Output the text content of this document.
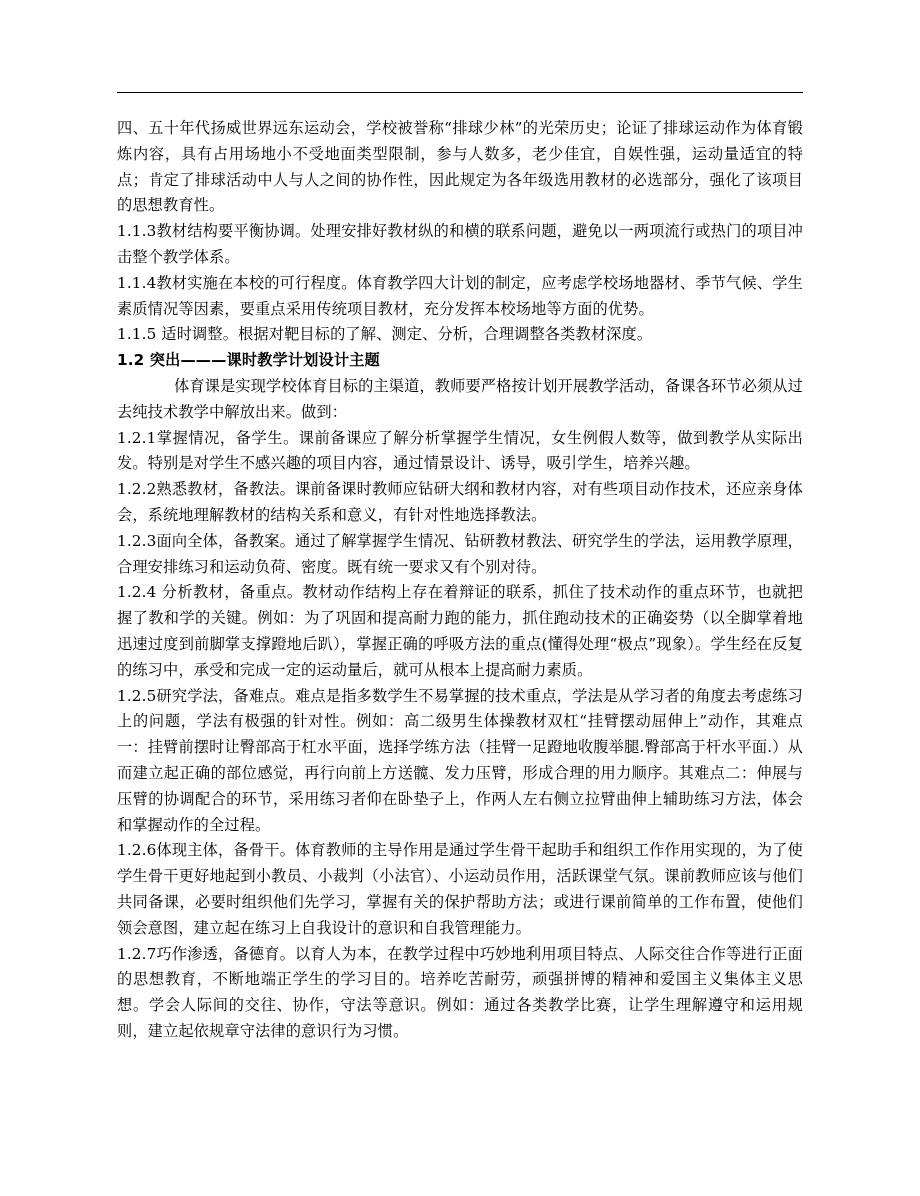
四、五十年代扬威世界远东运动会，学校被誉称“排球少林”的光荣历史；论证了排球运动作为体育锻炼内容，具有占用场地小不受地面类型限制，参与人数多，老少佳宜，自娱性强，运动量适宜的特点；肯定了排球活动中人与人之间的协作性，因此规定为各年级选用教材的必选部分，强化了该项目的思想教育性。

1.1.3教材结构要平衡协调。处理安排好教材纵的和横的联系问题，避免以一两项流行或热门的项目冲击整个教学体系。

1.1.4教材实施在本校的可行程度。体育教学四大计划的制定，应考虑学校场地器材、季节气候、学生素质情况等因素，要重点采用传统项目教材，充分发挥本校场地等方面的优势。

1.1.5 适时调整。根据对靶目标的了解、测定、分析，合理调整各类教材深度。

1.2 突出———课时教学计划设计主题

体育课是实现学校体育目标的主渠道，教师要严格按计划开展教学活动，备课各环节必须从过去纯技术教学中解放出来。做到：

1.2.1掌握情况，备学生。课前备课应了解分析掌握学生情况，女生例假人数等，做到教学从实际出发。特别是对学生不感兴趣的项目内容，通过情景设计、诱导，吸引学生，培养兴趣。

1.2.2熟悉教材，备教法。课前备课时教师应钻研大纲和教材内容，对有些项目动作技术，还应亲身体会，系统地理解教材的结构关系和意义，有针对性地选择教法。

1.2.3面向全体，备教案。通过了解掌握学生情况、钻研教材教法、研究学生的学法，运用教学原理，合理安排练习和运动负荷、密度。既有统一要求又有个别对待。

1.2.4 分析教材，备重点。教材动作结构上存在着辩证的联系，抓住了技术动作的重点环节，也就把握了教和学的关键。例如：为了巩固和提高耐力跑的能力，抓住跑动技术的正确姿势（以全脚掌着地迅速过度到前脚掌支撑蹬地后趴），掌握正确的呼吸方法的重点(懂得处理“极点”现象）。学生经在反复的练习中，承受和完成一定的运动量后，就可从根本上提高耐力素质。

1.2.5研究学法，备难点。难点是指多数学生不易掌握的技术重点，学法是从学习者的角度去考虑练习上的问题，学法有极强的针对性。例如：高二级男生体操教材双杠“挂臂摆动屈伸上”动作，其难点一：挂臂前摆时让臀部高于杠水平面，选择学练方法（挂臂一足蹬地收腹举腿.臀部高于杆水平面.）从而建立起正确的部位感觉，再行向前上方送髋、发力压臂，形成合理的用力顺序。其难点二：伸展与压臂的协调配合的环节，采用练习者仰在卧垫子上，作两人左右侧立拉臂曲伸上辅助练习方法，体会和掌握动作的全过程。

1.2.6体现主体，备骨干。体育教师的主导作用是通过学生骨干起助手和组织工作作用实现的，为了使学生骨干更好地起到小教员、小裁判（小法官）、小运动员作用，活跃课堂气氛。课前教师应该与他们共同备课，必要时组织他们先学习，掌握有关的保护帮助方法；或进行课前简单的工作布置，使他们领会意图，建立起在练习上自我设计的意识和自我管理能力。

1.2.7巧作渗透，备德育。以育人为本，在教学过程中巧妙地利用项目特点、人际交往合作等进行正面的思想教育，不断地端正学生的学习目的。培养吃苦耐劳，顽强拼博的精神和爱国主义集体主义思想。学会人际间的交往、协作，守法等意识。例如：通过各类教学比赛，让学生理解遵守和运用规则，建立起依规章守法律的意识行为习惯。
